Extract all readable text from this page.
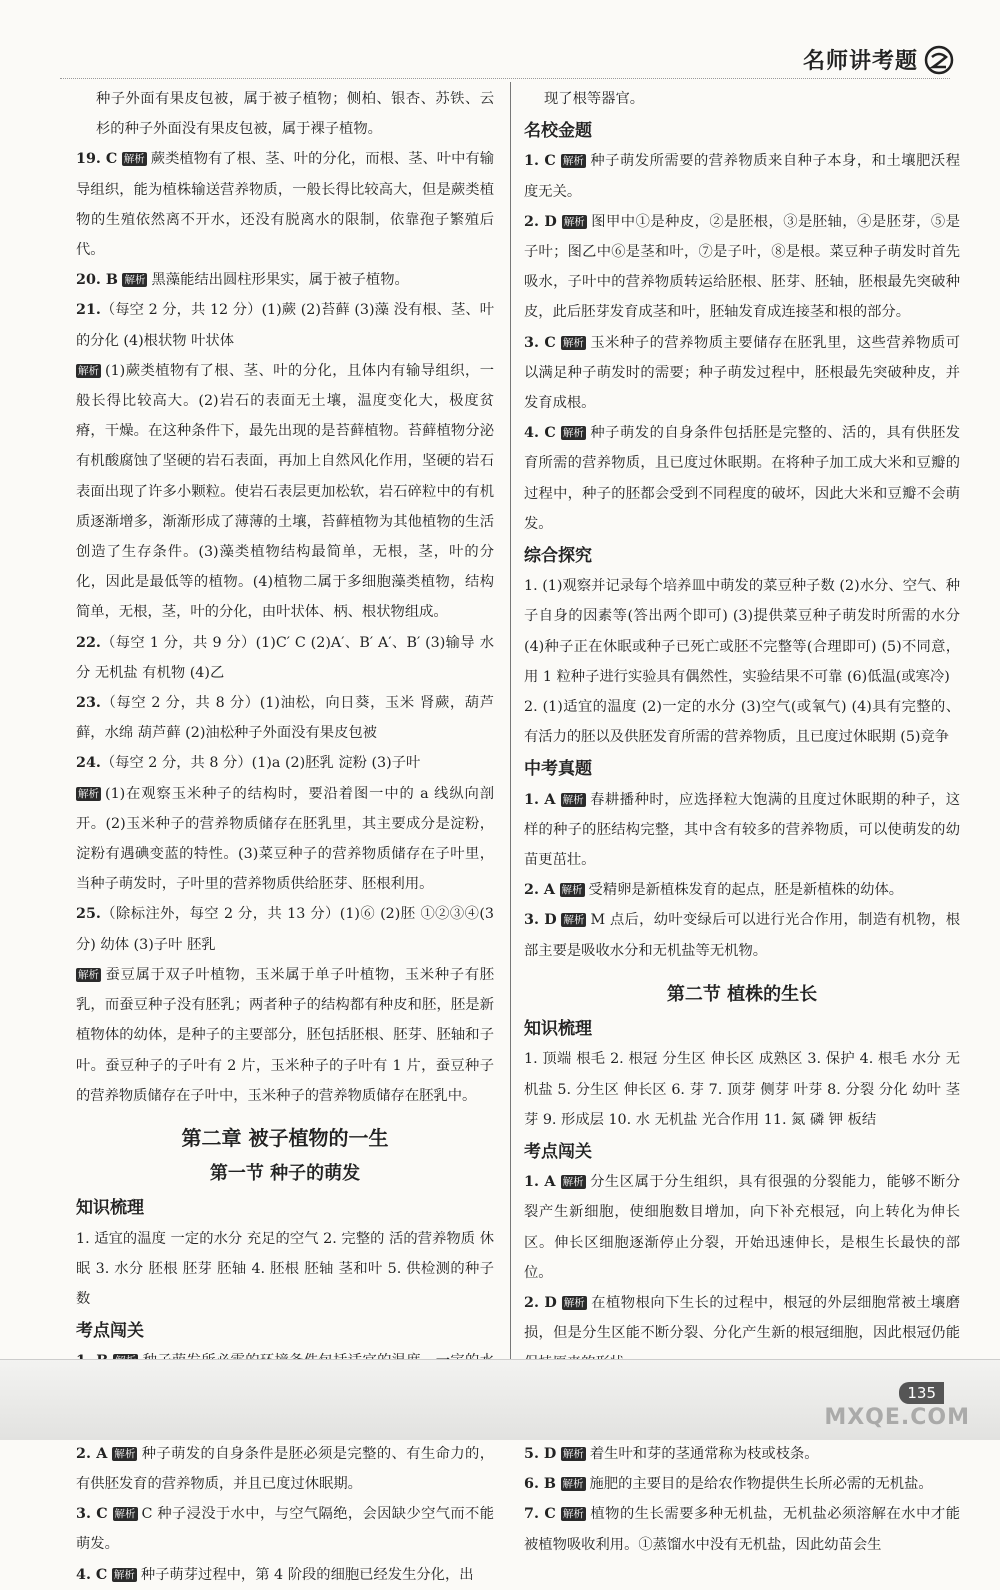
名师讲考题

种子外面有果皮包被，属于被子植物；侧柏、银杏、苏铁、云杉的种子外面没有果皮包被，属于裸子植物。

19. C 解析 蕨类植物有了根、茎、叶的分化，而根、茎、叶中有输导组织，能为植株输送营养物质，一般长得比较高大，但是蕨类植物的生殖依然离不开水，还没有脱离水的限制，依靠孢子繁殖后代。

20. B 解析 黑藻能结出圆柱形果实，属于被子植物。

21.（每空 2 分，共 12 分）(1)蕨 (2)苔藓 (3)藻 没有根、茎、叶的分化 (4)根状物 叶状体

解析 (1)蕨类植物有了根、茎、叶的分化，且体内有输导组织，一般长得比较高大。(2)岩石的表面无土壤，温度变化大，极度贫瘠，干燥。在这种条件下，最先出现的是苔藓植物。苔藓植物分泌有机酸腐蚀了坚硬的岩石表面，再加上自然风化作用，坚硬的岩石表面出现了许多小颗粒。使岩石表层更加松软，岩石碎粒中的有机质逐渐增多，渐渐形成了薄薄的土壤，苔藓植物为其他植物的生活创造了生存条件。(3)藻类植物结构最简单，无根，茎，叶的分化，因此是最低等的植物。(4)植物二属于多细胞藻类植物，结构简单，无根，茎，叶的分化，由叶状体、柄、根状物组成。

22.（每空 1 分，共 9 分）(1)C′ C (2)A′、B′ A′、B′ (3)输导 水分 无机盐 有机物 (4)乙

23.（每空 2 分，共 8 分）(1)油松，向日葵，玉米 肾蕨，葫芦藓，水绵 葫芦藓 (2)油松种子外面没有果皮包被

24.（每空 2 分，共 8 分）(1)a (2)胚乳 淀粉 (3)子叶

解析 (1)在观察玉米种子的结构时，要沿着图一中的 a 线纵向剖开。(2)玉米种子的营养物质储存在胚乳里，其主要成分是淀粉，淀粉有遇碘变蓝的特性。(3)菜豆种子的营养物质储存在子叶里，当种子萌发时，子叶里的营养物质供给胚芽、胚根利用。

25.（除标注外，每空 2 分，共 13 分）(1)⑥ (2)胚 ①②③④(3 分) 幼体 (3)子叶 胚乳

解析 蚕豆属于双子叶植物，玉米属于单子叶植物，玉米种子有胚乳，而蚕豆种子没有胚乳；两者种子的结构都有种皮和胚，胚是新植物体的幼体，是种子的主要部分，胚包括胚根、胚芽、胚轴和子叶。蚕豆种子的子叶有 2 片，玉米种子的子叶有 1 片，蚕豆种子的营养物质储存在子叶中，玉米种子的营养物质储存在胚乳中。

第二章 被子植物的一生
第一节 种子的萌发
知识梳理

1. 适宜的温度 一定的水分 充足的空气 2. 完整的 活的营养物质 休眠 3. 水分 胚根 胚芽 胚轴 4. 胚根 胚轴 茎和叶 5. 供检测的种子数

考点闯关

2. A 解析 种子萌发的自身条件是胚必须是完整的、有生命力的，有供胚发育的营养物质，并且已度过休眠期。

3. C 解析 C 种子浸没于水中，与空气隔绝，会因缺少空气而不能萌发。

4. C 解析 种子萌芽过程中，第 4 阶段的细胞已经发生分化，出

现了根等器官。

名校金题

1. C 解析 种子萌发所需要的营养物质来自种子本身，和土壤肥沃程度无关。

2. D 解析 图甲中①是种皮，②是胚根，③是胚轴，④是胚芽，⑤是子叶；图乙中⑥是茎和叶，⑦是子叶，⑧是根。菜豆种子萌发时首先吸水，子叶中的营养物质转运给胚根、胚芽、胚轴，胚根最先突破种皮，此后胚芽发育成茎和叶，胚轴发育成连接茎和根的部分。

3. C 解析 玉米种子的营养物质主要储存在胚乳里，这些营养物质可以满足种子萌发时的需要；种子萌发过程中，胚根最先突破种皮，并发育成根。

4. C 解析 种子萌发的自身条件包括胚是完整的、活的，具有供胚发育所需的营养物质，且已度过休眠期。在将种子加工成大米和豆瓣的过程中，种子的胚都会受到不同程度的破坏，因此大米和豆瓣不会萌发。

综合探究

1. (1)观察并记录每个培养皿中萌发的菜豆种子数 (2)水分、空气、种子自身的因素等(答出两个即可) (3)提供菜豆种子萌发时所需的水分 (4)种子正在休眠或种子已死亡或胚不完整等(合理即可) (5)不同意，用 1 粒种子进行实验具有偶然性，实验结果不可靠 (6)低温(或寒冷)

2. (1)适宜的温度 (2)一定的水分 (3)空气(或氧气) (4)具有完整的、有活力的胚以及供胚发育所需的营养物质，且已度过休眠期 (5)竞争

中考真题

1. A 解析 春耕播种时，应选择粒大饱满的且度过休眠期的种子，这样的种子的胚结构完整，其中含有较多的营养物质，可以使萌发的幼苗更茁壮。

2. A 解析 受精卵是新植株发育的起点，胚是新植株的幼体。

3. D 解析 M 点后，幼叶变绿后可以进行光合作用，制造有机物，根部主要是吸收水分和无机盐等无机物。

第二节 植株的生长
知识梳理

1. 顶端 根毛 2. 根冠 分生区 伸长区 成熟区 3. 保护 4. 根毛 水分 无机盐 5. 分生区 伸长区 6. 芽 7. 顶芽 侧芽 叶芽 8. 分裂 分化 幼叶 茎 芽 9. 形成层 10. 水 无机盐 光合作用 11. 氮 磷 钾 板结

考点闯关

1. A 解析 分生区属于分生组织，具有很强的分裂能力，能够不断分裂产生新细胞，使细胞数目增加，向下补充根冠，向上转化为伸长区。伸长区细胞逐渐停止分裂，开始迅速伸长，是根生长最快的部位。

2. D 解析 在植物根向下生长的过程中，根冠的外层细胞常被土壤磨损，但是分生区能不断分裂、分化产生新的根冠细胞，因此根冠仍能

5. D 解析 着生叶和芽的茎通常称为枝或枝条。

6. B 解析 施肥的主要目的是给农作物提供生长所必需的无机盐。

7. C 解析 植物的生长需要多种无机盐，无机盐必须溶解在水中才能被植物吸收利用。①蒸馏水中没有无机盐，因此幼苗会生

135
MXQE.COM
